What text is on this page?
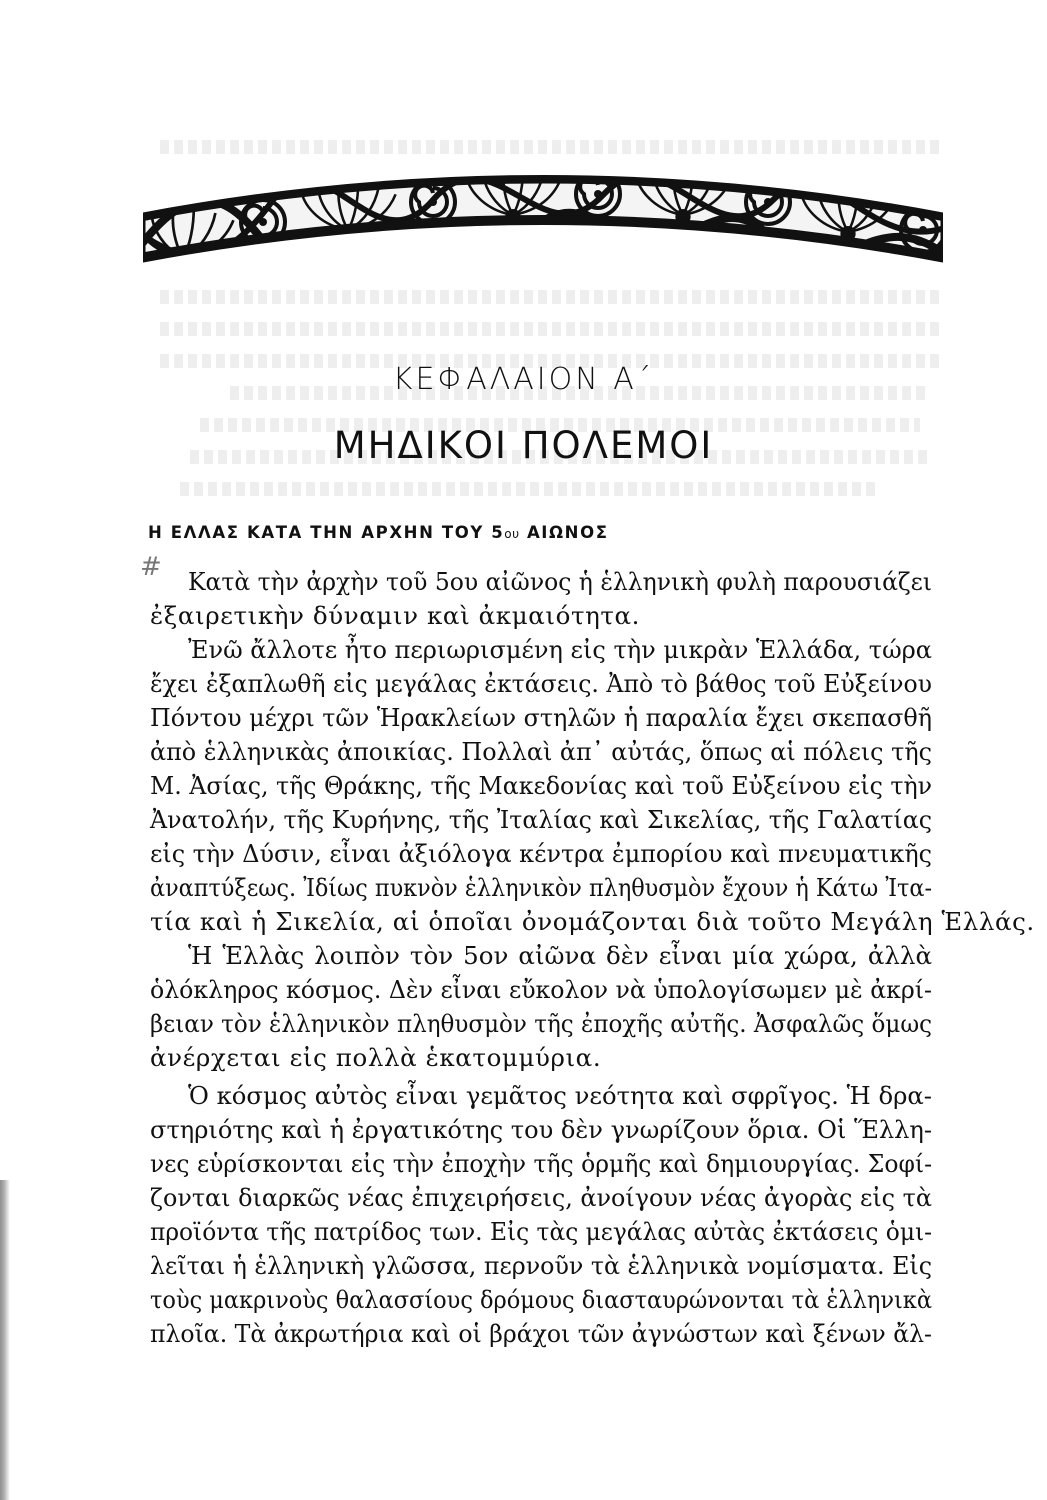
ΚΕΦΑΛΑΙΟΝ Α΄
ΜΗΔΙΚΟΙ ΠΟΛΕΜΟΙ
Η ΕΛΛΑΣ ΚΑΤΑ ΤΗΝ ΑΡΧΗΝ ΤΟΥ 5ου ΑΙΩΝΟΣ
# Κατὰ τὴν ἀρχὴν τοῦ 5ου αἰῶνος ἡ ἑλληνικὴ φυλὴ παρουσιάζει
ἐξαιρετικὴν δύναμιν καὶ ἀκμαιότητα.
Ἐνῶ ἄλλοτε ἦτο περιωρισμένη εἰς τὴν μικρὰν Ἑλλάδα, τώρα
ἔχει ἐξαπλωθῆ εἰς μεγάλας ἐκτάσεις. Ἀπὸ τὸ βάθος τοῦ Εὐξείνου
Πόντου μέχρι τῶν Ἡρακλείων στηλῶν ἡ παραλία ἔχει σκεπασθῆ
ἀπὸ ἑλληνικὰς ἀποικίας. Πολλαὶ ἀπ᾽ αὐτάς, ὅπως αἱ πόλεις τῆς
Μ. Ἀσίας, τῆς Θράκης, τῆς Μακεδονίας καὶ τοῦ Εὐξείνου εἰς τὴν
Ἀνατολήν, τῆς Κυρήνης, τῆς Ἰταλίας καὶ Σικελίας, τῆς Γαλατίας
εἰς τὴν Δύσιν, εἶναι ἀξιόλογα κέντρα ἐμπορίου καὶ πνευματικῆς
ἀναπτύξεως. Ἰδίως πυκνὸν ἑλληνικὸν πληθυσμὸν ἔχουν ἡ Κάτω Ἰτα-
τία καὶ ἡ Σικελία, αἱ ὁποῖαι ὀνομάζονται διὰ τοῦτο Μεγάλη Ἑλλάς.
Ἡ Ἑλλὰς λοιπὸν τὸν 5ον αἰῶνα δὲν εἶναι μία χώρα, ἀλλὰ
ὁλόκληρος κόσμος. Δὲν εἶναι εὔκολον νὰ ὑπολογίσωμεν μὲ ἀκρί-
βειαν τὸν ἑλληνικὸν πληθυσμὸν τῆς ἐποχῆς αὐτῆς. Ἀσφαλῶς ὅμως
ἀνέρχεται εἰς πολλὰ ἑκατομμύρια.
Ὁ κόσμος αὐτὸς εἶναι γεμᾶτος νεότητα καὶ σφρῖγος. Ἡ δρα-
στηριότης καὶ ἡ ἐργατικότης του δὲν γνωρίζουν ὅρια. Οἱ Ἕλλη-
νες εὑρίσκονται εἰς τὴν ἐποχὴν τῆς ὁρμῆς καὶ δημιουργίας. Σοφί-
ζονται διαρκῶς νέας ἐπιχειρήσεις, ἀνοίγουν νέας ἀγορὰς εἰς τὰ
προϊόντα τῆς πατρίδος των. Εἰς τὰς μεγάλας αὐτὰς ἐκτάσεις ὁμι-
λεῖται ἡ ἑλληνικὴ γλῶσσα, περνοῦν τὰ ἑλληνικὰ νομίσματα. Εἰς
τοὺς μακρινοὺς θαλασσίους δρόμους διασταυρώνονται τὰ ἑλληνικὰ
πλοῖα. Τὰ ἀκρωτήρια καὶ οἱ βράχοι τῶν ἀγνώστων καὶ ξένων ἄλ-
